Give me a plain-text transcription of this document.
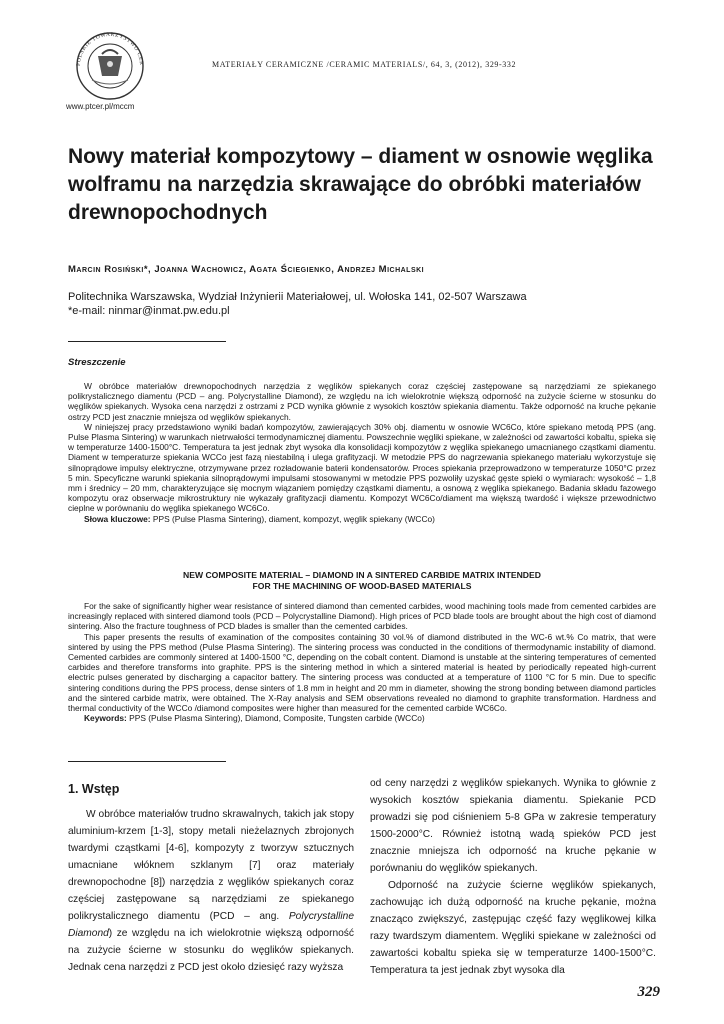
POLSKIE TOWARZYSTWO CER
www.ptcer.pl/mccm
MATERIAŁY CERAMICZNE /CERAMIC MATERIALS/, 64, 3, (2012), 329-332
Nowy materiał kompozytowy – diament w osnowie węglika wolframu na narzędzia skrawające do obróbki materiałów drewnopochodnych
Marcin Rosiński*, Joanna Wachowicz, Agata Ściegienko, Andrzej Michalski
Politechnika Warszawska, Wydział Inżynierii Materiałowej, ul. Wołoska 141, 02-507 Warszawa
*e-mail: ninmar@inmat.pw.edu.pl
Streszczenie

W obróbce materiałów drewnopochodnych narzędzia z węglików spiekanych coraz częściej zastępowane są narzędziami ze spiekanego polikrystalicznego diamentu (PCD – ang. Polycrystalline Diamond), ze względu na ich wielokrotnie większą odporność na zużycie ścierne w stosunku do węglików spiekanych. Wysoka cena narzędzi z ostrzami z PCD wynika głównie z wysokich kosztów spiekania diamentu. Także odporność na kruche pękanie ostrzy PCD jest znacznie mniejsza od węglików spiekanych.

W niniejszej pracy przedstawiono wyniki badań kompozytów, zawierających 30% obj. diamentu w osnowie WC6Co, które spiekano metodą PPS (ang. Pulse Plasma Sintering) w warunkach nietrwałości termodynamicznej diamentu. Powszechnie węgliki spiekane, w zależności od zawartości kobaltu, spieka się w temperaturze 1400-1500°C. Temperatura ta jest jednak zbyt wysoka dla konsolidacji kompozytów z węglika spiekanego umacnianego cząstkami diamentu. Diament w temperaturze spiekania WCCo jest fazą niestabilną i ulega grafityzacji. W metodzie PPS do nagrzewania spiekanego materiału wykorzystuje się silnoprądowe impulsy elektryczne, otrzymywane przez rozładowanie baterii kondensatorów. Proces spiekania przeprowadzono w temperaturze 1050°C przez 5 min. Specyficzne warunki spiekania silnoprądowymi impulsami stosowanymi w metodzie PPS pozwoliły uzyskać gęste spieki o wymiarach: wysokość – 1,8 mm i średnicy – 20 mm, charakteryzujące się mocnym wiązaniem pomiędzy cząstkami diamentu, a osnową z węglika spiekanego. Badania składu fazowego kompozytu oraz obserwacje mikrostruktury nie wykazały grafityzacji diamentu. Kompozyt WC6Co/diament ma większą twardość i większe przewodnictwo cieplne w porównaniu do węglika spiekanego WC6Co.

Słowa kluczowe: PPS (Pulse Plasma Sintering), diament, kompozyt, węglik spiekany (WCCo)

NEW COMPOSITE MATERIAL – DIAMOND IN A SINTERED CARBIDE MATRIX INTENDED
FOR THE MACHINING OF WOOD-BASED MATERIALS

For the sake of significantly higher wear resistance of sintered diamond than cemented carbides, wood machining tools made from cemented carbides are increasingly replaced with sintered diamond tools (PCD – Polycrystalline Diamond). High prices of PCD blade tools are brought about the high cost of diamond sintering. Also the fracture toughness of PCD blades is smaller than the cemented carbides.

This paper presents the results of examination of the composites containing 30 vol.% of diamond distributed in the WC-6 wt.% Co matrix, that were sintered by using the PPS method (Pulse Plasma Sintering). The sintering process was conducted in the conditions of thermodynamic instability of diamond. Cemented carbides are commonly sintered at 1400-1500 °C, depending on the cobalt content. Diamond is unstable at the sintering temperatures of cemented carbides and therefore transforms into graphite. PPS is the sintering method in which a sintered material is heated by periodically repeated high-current electric pulses generated by discharging a capacitor battery. The sintering process was conducted at a temperature of 1100 °C for 5 min. Due to specific sintering conditions during the PPS process, dense sinters of 1.8 mm in height and 20 mm in diameter, showing the strong bonding between diamond particles and the sintered carbide matrix, were obtained. The X-Ray analysis and SEM observations revealed no diamond to graphite transformation. Hardness and thermal conductivity of the WCCo /diamond composites were higher than measured for the cemented carbide WC6Co.

Keywords: PPS (Pulse Plasma Sintering), Diamond, Composite, Tungsten carbide (WCCo)

1. Wstęp

W obróbce materiałów trudno skrawalnych, takich jak stopy aluminium-krzem [1-3], stopy metali nieżelaznych zbrojonych twardymi cząstkami [4-6], kompozyty z tworzyw sztucznych umacniane włóknem szklanym [7] oraz materiały drewnopochodne [8]) narzędzia z węglików spiekanych coraz częściej zastępowane są narzędziami ze spiekanego polikrystalicznego diamentu (PCD – ang. Polycrystalline Diamond) ze względu na ich wielokrotnie większą odporność na zużycie ścierne w stosunku do węglików spiekanych. Jednak cena narzędzi z PCD jest około dziesięć razy wyższa

od ceny narzędzi z węglików spiekanych. Wynika to głównie z wysokich kosztów spiekania diamentu. Spiekanie PCD prowadzi się pod ciśnieniem 5-8 GPa w zakresie temperatury 1500-2000°C. Również istotną wadą spieków PCD jest znacznie mniejsza ich odporność na kruche pękanie w porównaniu do węglików spiekanych.

Odporność na zużycie ścierne węglików spiekanych, zachowując ich dużą odporność na kruche pękanie, można znacząco zwiększyć, zastępując część fazy węglikowej kilka razy twardszym diamentem. Węgliki spiekane w zależności od zawartości kobaltu spieka się w temperaturze 1400-1500°C. Temperatura ta jest jednak zbyt wysoka dla

329
